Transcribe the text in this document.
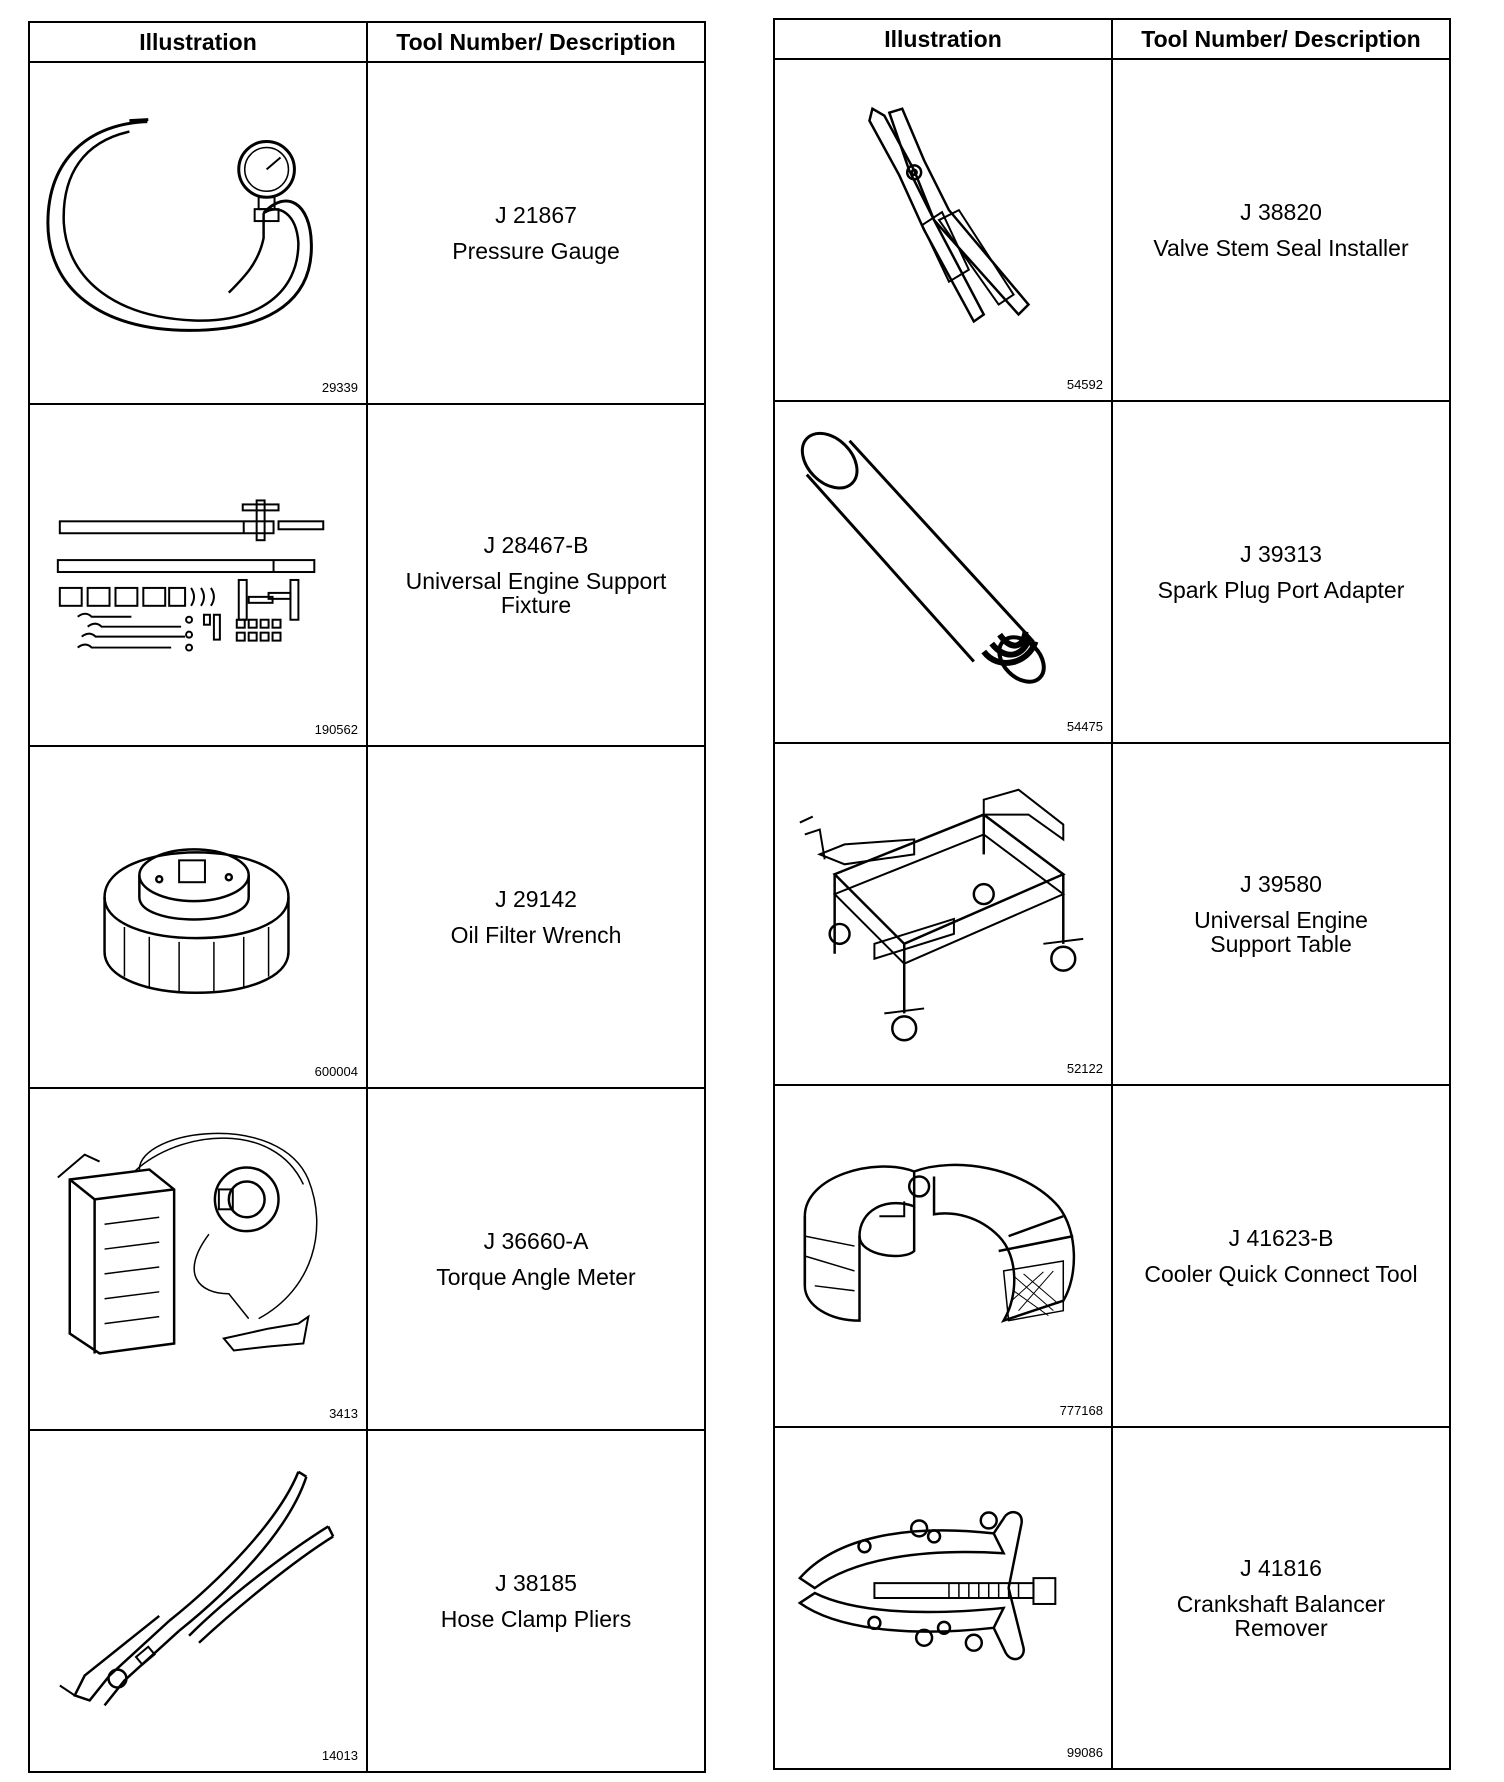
Illustration	Tool Number/ Description

29339	J 21867
Pressure Gauge

190562	J 28467-B
Universal Engine Support
Fixture

600004	J 29142
Oil Filter Wrench

3413	J 36660-A
Torque Angle Meter

14013	J 38185
Hose Clamp Pliers
Illustration	Tool Number/ Description

54592	J 38820
Valve Stem Seal Installer

54475	J 39313
Spark Plug Port Adapter

52122	J 39580
Universal Engine
Support Table

777168	J 41623-B
Cooler Quick Connect Tool

99086	J 41816
Crankshaft Balancer
Remover
